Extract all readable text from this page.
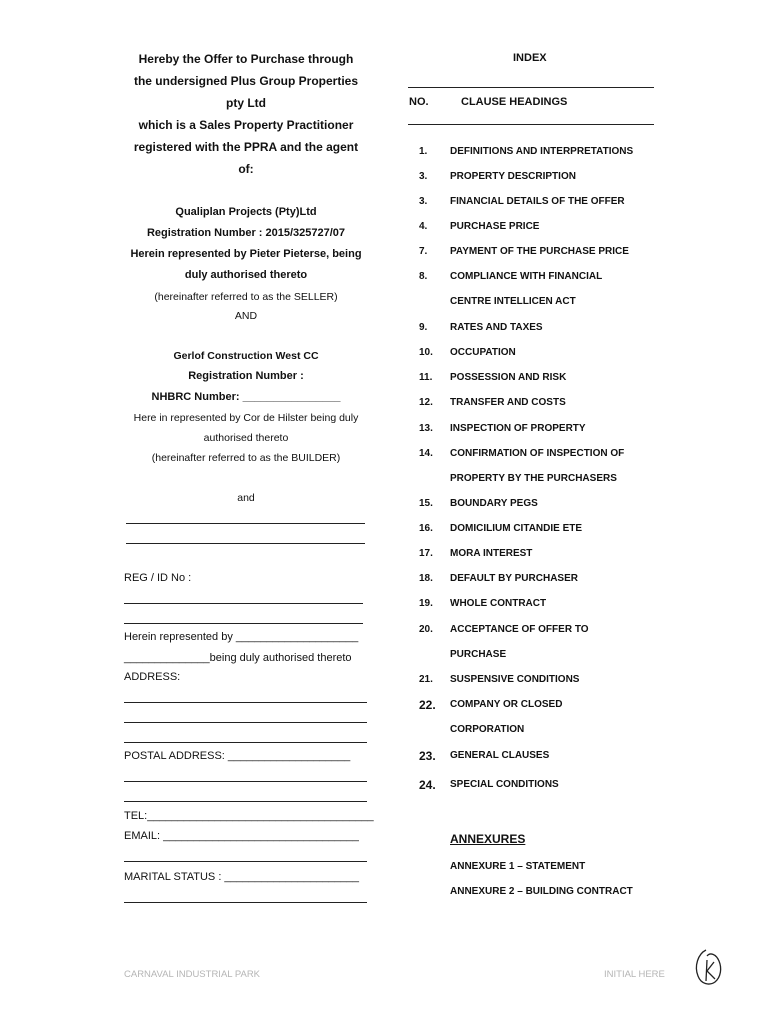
Hereby the Offer to Purchase through
the undersigned Plus Group Properties
pty Ltd
which is a Sales Property Practitioner
registered with the PPRA and the agent
of:
Qualiplan Projects (Pty)Ltd
Registration Number : 2015/325727/07
Herein represented by Pieter Pieterse, being
duly authorised thereto
(hereinafter referred to as the SELLER)
AND
Gerlof Construction West CC
Registration Number :
NHBRC Number: ________________
Here in represented by Cor de Hilster being duly
authorised thereto
(hereinafter referred to as the BUILDER)
and
REG / ID No :
Herein represented by ____________________
______________being duly authorised thereto
ADDRESS:
POSTAL ADDRESS: ____________________
TEL:_____________________________________
EMAIL: ________________________________
MARITAL STATUS : ______________________
INDEX
NO.	CLAUSE HEADINGS
1. DEFINITIONS AND INTERPRETATIONS
3. PROPERTY DESCRIPTION
3. FINANCIAL DETAILS OF THE OFFER
4. PURCHASE PRICE
7. PAYMENT OF THE PURCHASE PRICE
8. COMPLIANCE WITH FINANCIAL
CENTRE INTELLICEN ACT
9. RATES AND TAXES
10. OCCUPATION
11. POSSESSION AND RISK
12. TRANSFER AND COSTS
13. INSPECTION OF PROPERTY
14. CONFIRMATION OF INSPECTION OF
PROPERTY BY THE PURCHASERS
15. BOUNDARY PEGS
16. DOMICILIUM CITANDIE ETE
17. MORA INTEREST
18. DEFAULT BY PURCHASER
19. WHOLE CONTRACT
20. ACCEPTANCE OF OFFER TO
PURCHASE
21. SUSPENSIVE CONDITIONS
22. COMPANY OR CLOSED
CORPORATION
23. GENERAL CLAUSES
24. SPECIAL CONDITIONS
ANNEXURES
ANNEXURE 1 – STATEMENT
ANNEXURE 2 – BUILDING CONTRACT
CARNAVAL INDUSTRIAL PARK	INITIAL HERE
